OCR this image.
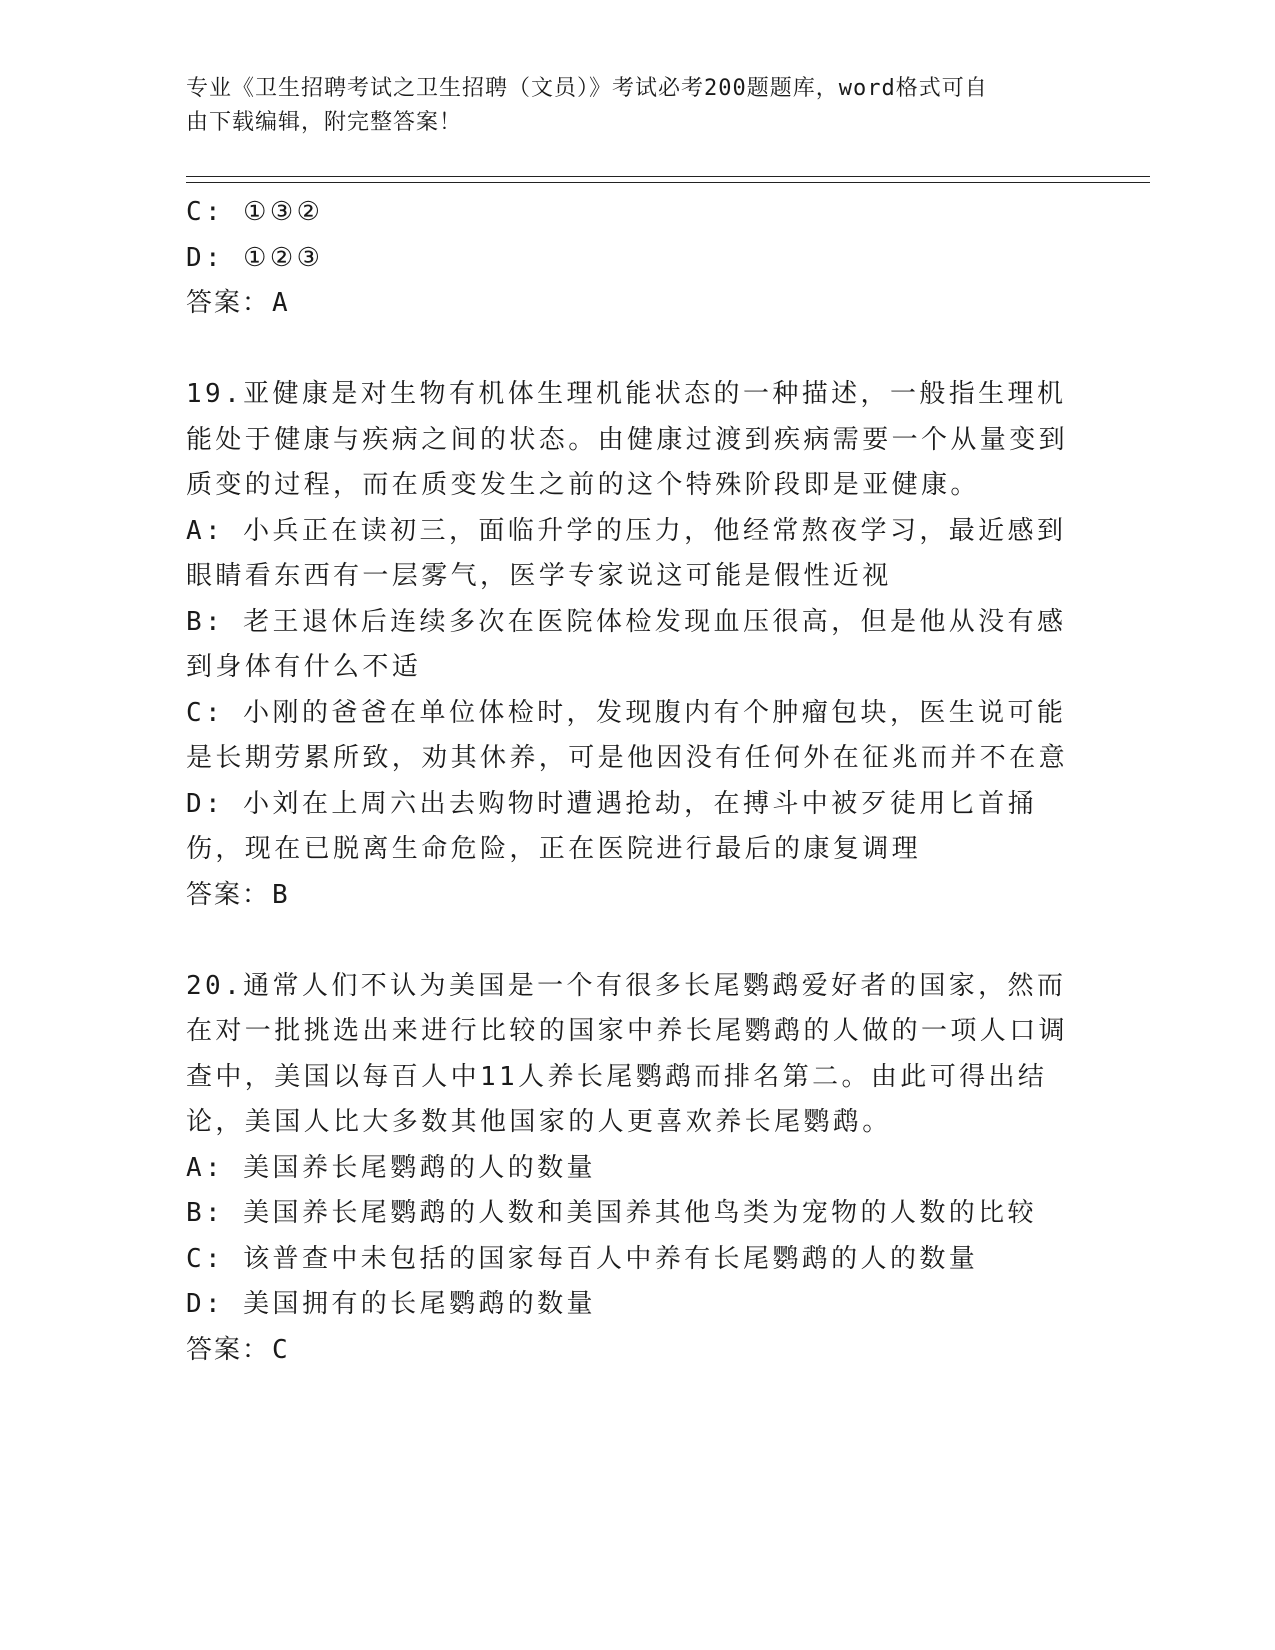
专业《卫生招聘考试之卫生招聘（文员）》考试必考200题题库，word格式可自
由下载编辑，附完整答案！
C: ①③②
D: ①②③
答案：A
19.亚健康是对生物有机体生理机能状态的一种描述，一般指生理机能处于健康与疾病之间的状态。由健康过渡到疾病需要一个从量变到质变的过程，而在质变发生之前的这个特殊阶段即是亚健康。
A: 小兵正在读初三，面临升学的压力，他经常熬夜学习，最近感到眼睛看东西有一层雾气，医学专家说这可能是假性近视
B: 老王退休后连续多次在医院体检发现血压很高，但是他从没有感到身体有什么不适
C: 小刚的爸爸在单位体检时，发现腹内有个肿瘤包块，医生说可能是长期劳累所致，劝其休养，可是他因没有任何外在征兆而并不在意
D: 小刘在上周六出去购物时遭遇抢劫，在搏斗中被歹徒用匕首捅伤，现在已脱离生命危险，正在医院进行最后的康复调理
答案：B
20.通常人们不认为美国是一个有很多长尾鹦鹉爱好者的国家，然而在对一批挑选出来进行比较的国家中养长尾鹦鹉的人做的一项人口调查中，美国以每百人中11人养长尾鹦鹉而排名第二。由此可得出结论，美国人比大多数其他国家的人更喜欢养长尾鹦鹉。
A: 美国养长尾鹦鹉的人的数量
B: 美国养长尾鹦鹉的人数和美国养其他鸟类为宠物的人数的比较
C: 该普查中未包括的国家每百人中养有长尾鹦鹉的人的数量
D: 美国拥有的长尾鹦鹉的数量
答案：C
